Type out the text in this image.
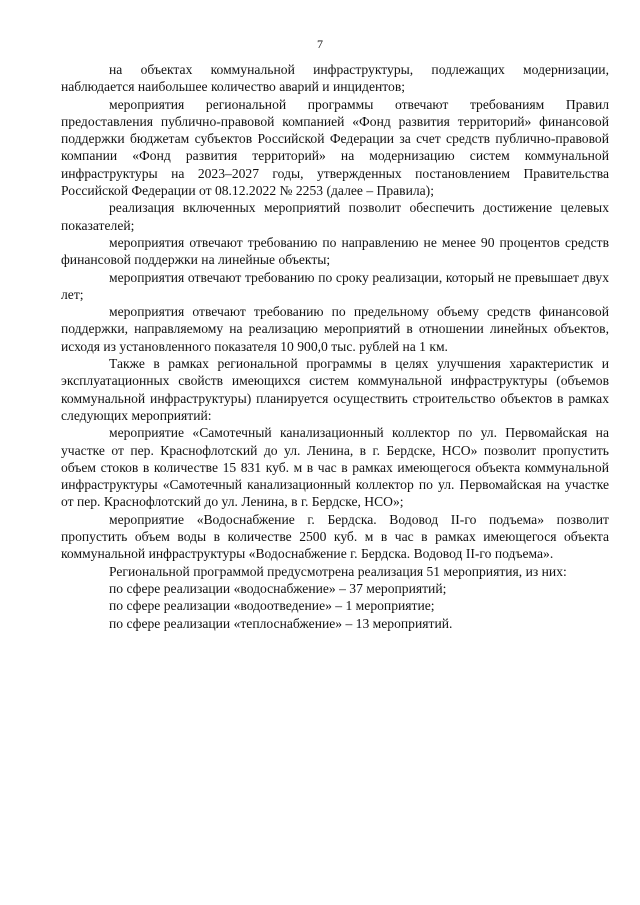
7

на объектах коммунальной инфраструктуры, подлежащих модернизации, наблюдается наибольшее количество аварий и инцидентов;

мероприятия региональной программы отвечают требованиям Правил предоставления публично-правовой компанией «Фонд развития территорий» финансовой поддержки бюджетам субъектов Российской Федерации за счет средств публично-правовой компании «Фонд развития территорий» на модернизацию систем коммунальной инфраструктуры на 2023–2027 годы, утвержденных постановлением Правительства Российской Федерации от 08.12.2022 № 2253 (далее – Правила);

реализация включенных мероприятий позволит обеспечить достижение целевых показателей;

мероприятия отвечают требованию по направлению не менее 90 процентов средств финансовой поддержки на линейные объекты;

мероприятия отвечают требованию по сроку реализации, который не превышает двух лет;

мероприятия отвечают требованию по предельному объему средств финансовой поддержки, направляемому на реализацию мероприятий в отношении линейных объектов, исходя из установленного показателя 10 900,0 тыс. рублей на 1 км.

Также в рамках региональной программы в целях улучшения характеристик и эксплуатационных свойств имеющихся систем коммунальной инфраструктуры (объемов коммунальной инфраструктуры) планируется осуществить строительство объектов в рамках следующих мероприятий:

мероприятие «Самотечный канализационный коллектор по ул. Первомайская на участке от пер. Краснофлотский до ул. Ленина, в г. Бердске, НСО» позволит пропустить объем стоков в количестве 15 831 куб. м в час в рамках имеющегося объекта коммунальной инфраструктуры «Самотечный канализационный коллектор по ул. Первомайская на участке от пер. Краснофлотский до ул. Ленина, в г. Бердске, НСО»;

мероприятие «Водоснабжение г. Бердска. Водовод II-го подъема» позволит пропустить объем воды в количестве 2500 куб. м в час в рамках имеющегося объекта коммунальной инфраструктуры «Водоснабжение г. Бердска. Водовод II-го подъема».

Региональной программой предусмотрена реализация 51 мероприятия, из них:

по сфере реализации «водоснабжение» – 37 мероприятий;

по сфере реализации «водоотведение» – 1 мероприятие;

по сфере реализации «теплоснабжение» – 13 мероприятий.
